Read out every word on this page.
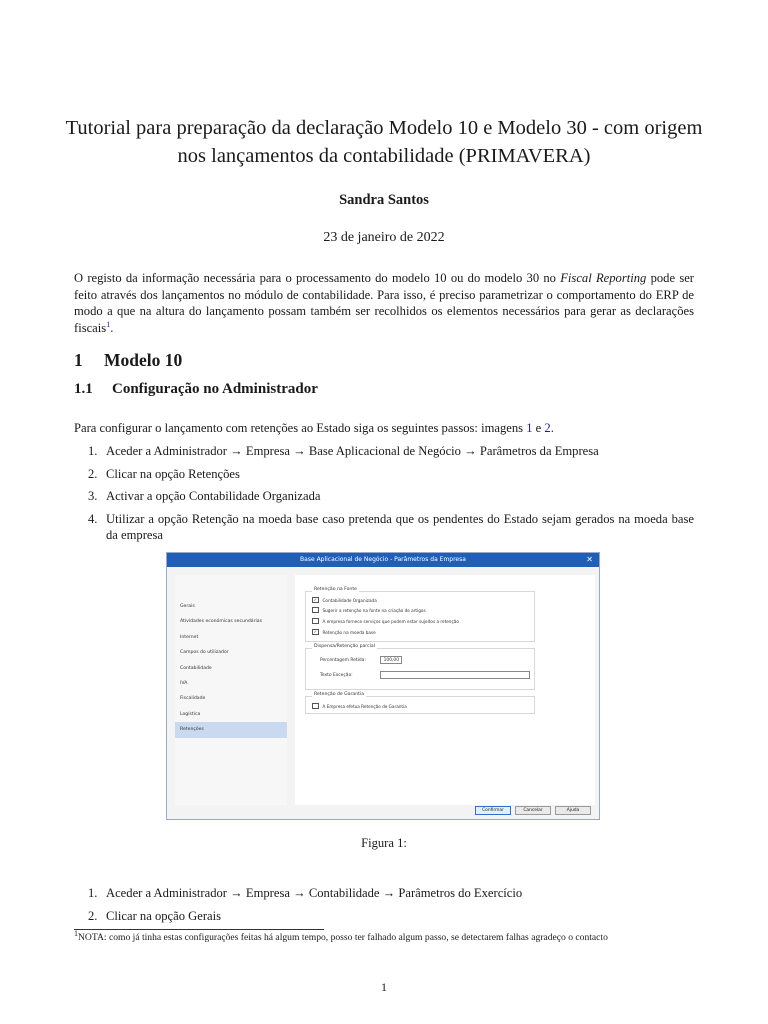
Tutorial para preparação da declaração Modelo 10 e Modelo 30 - com origem nos lançamentos da contabilidade (PRIMAVERA)
Sandra Santos
23 de janeiro de 2022
O registo da informação necessária para o processamento do modelo 10 ou do modelo 30 no Fiscal Reporting pode ser feito através dos lançamentos no módulo de contabilidade. Para isso, é preciso parametrizar o comportamento do ERP de modo a que na altura do lançamento possam também ser recolhidos os elementos necessários para gerar as declarações fiscais$^1$.
1 Modelo 10
1.1 Configuração no Administrador
Para configurar o lançamento com retenções ao Estado siga os seguintes passos: imagens 1 e 2.
1. Aceder a Administrador → Empresa → Base Aplicacional de Negócio → Parâmetros da Empresa
2. Clicar na opção Retenções
3. Activar a opção Contabilidade Organizada
4. Utilizar a opção Retenção na moeda base caso pretenda que os pendentes do Estado sejam gerados na moeda base da empresa
Base Aplicacional de Negócio - Parâmetros da Empresa	✕
Gerais
Atividades económicas secundárias
Internet
Campos do utilizador
Contabilidade
IVA
Fiscalidade
Logística
Retenções
Retenção na Fonte
✓	Contabilidade Organizada
Sugerir a retenção na fonte na criação de artigos
A empresa fornece serviços que podem estar sujeitos a retenção
✓	Retenção na moeda base
Dispensa/Retenção parcial
Percentagem Retida:	100,00
Texto Exceção:
Retenção de Garantia
A Empresa efetua Retenção de Garantia
Confirmar	Cancelar	Ajuda
Figura 1:
1. Aceder a Administrador → Empresa → Contabilidade → Parâmetros do Exercício
2. Clicar na opção Gerais
$^1$NOTA: como já tinha estas configurações feitas há algum tempo, posso ter falhado algum passo, se detectarem falhas agradeço o contacto
1
